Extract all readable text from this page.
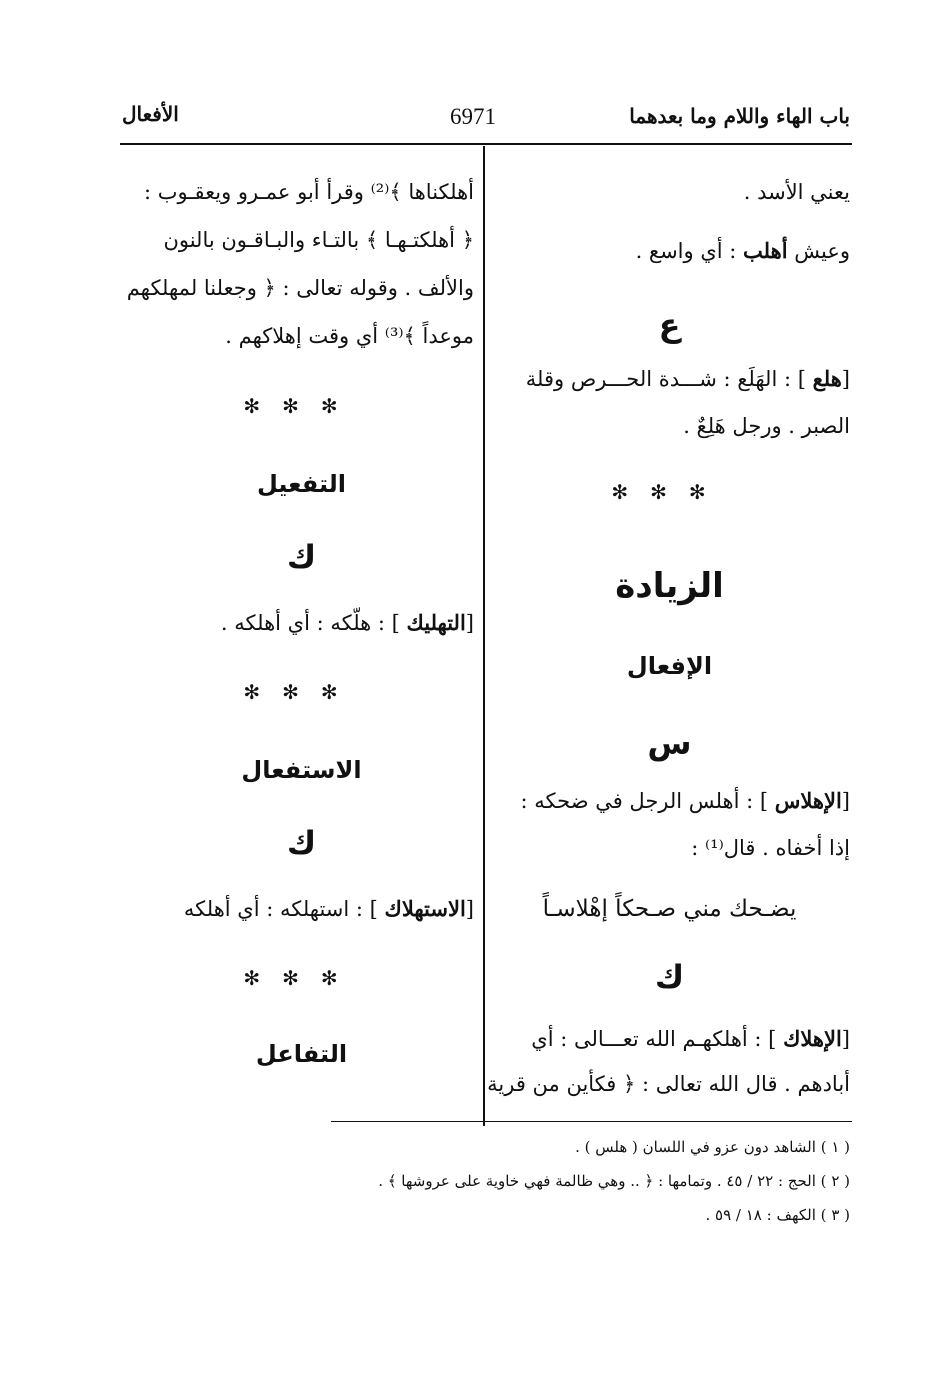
باب الهاء واللام وما بعدهما
6971
الأفعال
يعني الأسد .
وعيش أهلب : أي واسع .
ع
[هلع ] : الهَلَع : شـــدة الحـــرص وقلة
الصبر . ورجل هَلِعٌ .
✻✻✻
الزيادة
الإفعال
س
[الإهلاس ] : أهلس الرجل في ضحكه :
إذا أخفاه . قال⁽¹⁾ :
يضـحك مني صـحكاً إهْلاسـاً
ك
[الإهلاك ] : أهلكهـم الله تعـــالى : أي
أبادهم . قال الله تعالى : ﴿ فكأين من قرية
أهلكناها ﴾⁽²⁾ وقرأ أبو عمـرو ويعقـوب :
﴿ أهلكتـهـا ﴾ بالتـاء والبـاقـون بالنون
والألف . وقوله تعالى : ﴿ وجعلنا لمهلكهم
موعداً ﴾⁽³⁾ أي وقت إهلاكهم .
✻✻✻
التفعيل
ك
[التهليك ] : هلّكه : أي أهلكه .
✻✻✻
الاستفعال
ك
[الاستهلاك ] : استهلكه : أي أهلكه
✻✻✻
التفاعل
( ١ ) الشاهد دون عزو في اللسان ( هلس ) .
( ٢ ) الحج : ٢٢ / ٤٥ . وتمامها : ﴿ .. وهي ظالمة فهي خاوية على عروشها ﴾ .
( ٣ ) الكهف : ١٨ / ٥٩ .
